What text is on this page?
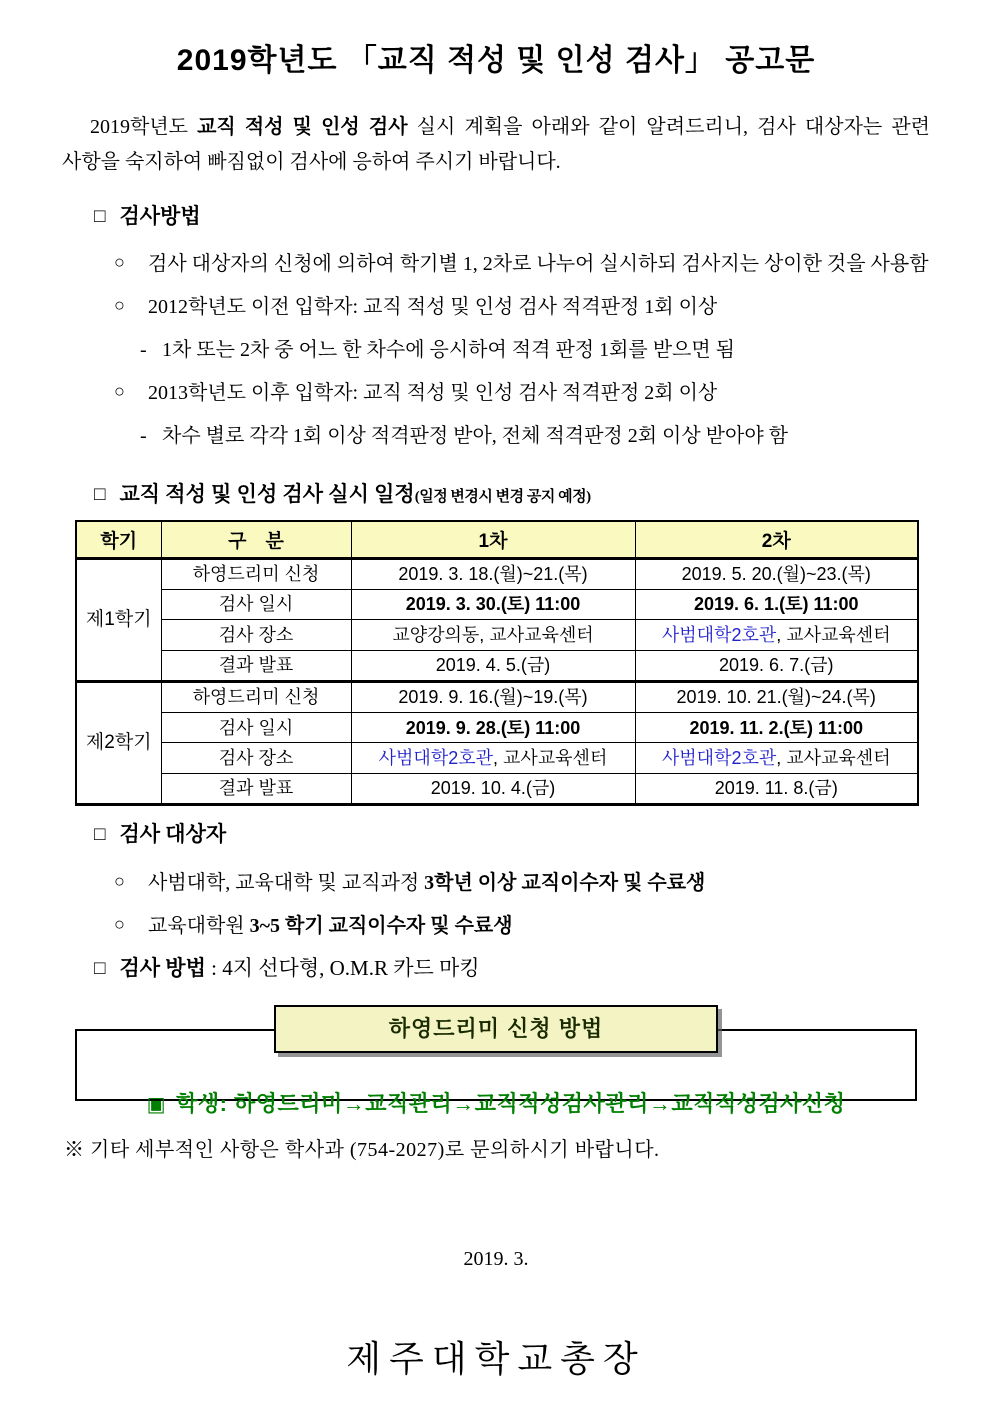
2019학년도 「교직 적성 및 인성 검사」 공고문
2019학년도 교직 적성 및 인성 검사 실시 계획을 아래와 같이 알려드리니, 검사 대상자는 관련 사항을 숙지하여 빠짐없이 검사에 응하여 주시기 바랍니다.
□ 검사방법
○	검사 대상자의 신청에 의하여 학기별 1, 2차로 나누어 실시하되 검사지는 상이한 것을 사용함
○	2012학년도 이전 입학자: 교직 적성 및 인성 검사 적격판정 1회 이상
- 1차 또는 2차 중 어느 한 차수에 응시하여 적격 판정 1회를 받으면 됨
○	2013학년도 이후 입학자: 교직 적성 및 인성 검사 적격판정 2회 이상
- 차수 별로 각각 1회 이상 적격판정 받아, 전체 적격판정 2회 이상 받아야 함
□ 교직 적성 및 인성 검사 실시 일정(일정 변경시 변경 공지 예정)
학기	구　분	1차	2차
제1학기	하영드리미 신청	2019. 3. 18.(월)~21.(목)	2019. 5. 20.(월)~23.(목)
	검사 일시	2019. 3. 30.(토) 11:00	2019. 6. 1.(토) 11:00
	검사 장소	교양강의동, 교사교육센터	사범대학2호관, 교사교육센터
	결과 발표	2019. 4. 5.(금)	2019. 6. 7.(금)
제2학기	하영드리미 신청	2019. 9. 16.(월)~19.(목)	2019. 10. 21.(월)~24.(목)
	검사 일시	2019. 9. 28.(토) 11:00	2019. 11. 2.(토) 11:00
	검사 장소	사범대학2호관, 교사교육센터	사범대학2호관, 교사교육센터
	결과 발표	2019. 10. 4.(금)	2019. 11. 8.(금)
□ 검사 대상자
○	사범대학, 교육대학 및 교직과정 3학년 이상 교직이수자 및 수료생
○	교육대학원 3~5 학기 교직이수자 및 수료생
□ 검사 방법 : 4지 선다형, O.M.R 카드 마킹
▣ 학생: 하영드리미→교직관리→교직적성검사관리→교직적성검사신청
하영드리미 신청 방법
※ 기타 세부적인 사항은 학사과 (754-2027)로 문의하시기 바랍니다.
2019. 3.
제주대학교총장
